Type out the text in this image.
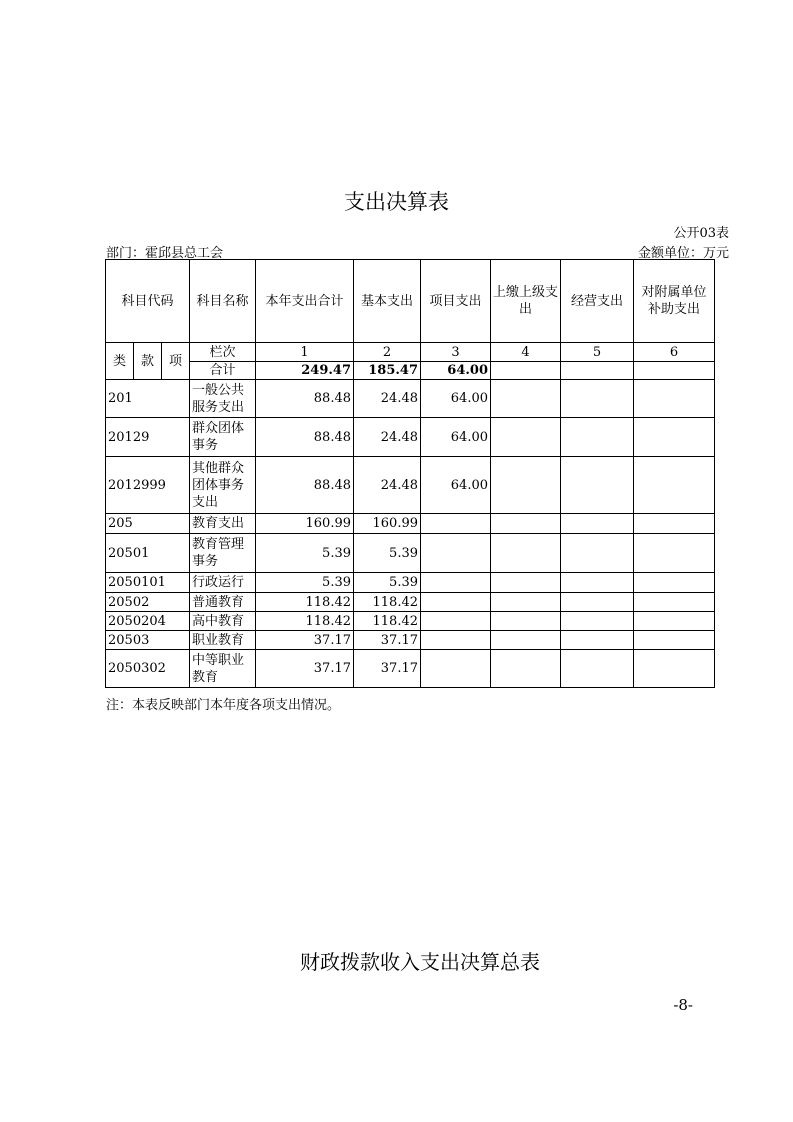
支出决算表
公开03表
部门：霍邱县总工会	金额单位：万元
科目代码			科目名称	本年支出合计	基本支出	项目支出	上缴上级支出	经营支出	对附属单位补助支出
类	款	项	栏次	1	2	3	4	5	6
			合计	249.47	185.47	64.00			
201			一般公共服务支出	88.48	24.48	64.00			
20129			群众团体事务	88.48	24.48	64.00			
2012999			其他群众团体事务支出	88.48	24.48	64.00			
205			教育支出	160.99	160.99				
20501			教育管理事务	5.39	5.39				
2050101			行政运行	5.39	5.39				
20502			普通教育	118.42	118.42				
2050204			高中教育	118.42	118.42				
20503			职业教育	37.17	37.17				
2050302			中等职业教育	37.17	37.17				
注：本表反映部门本年度各项支出情况。
财政拨款收入支出决算总表
-8-
